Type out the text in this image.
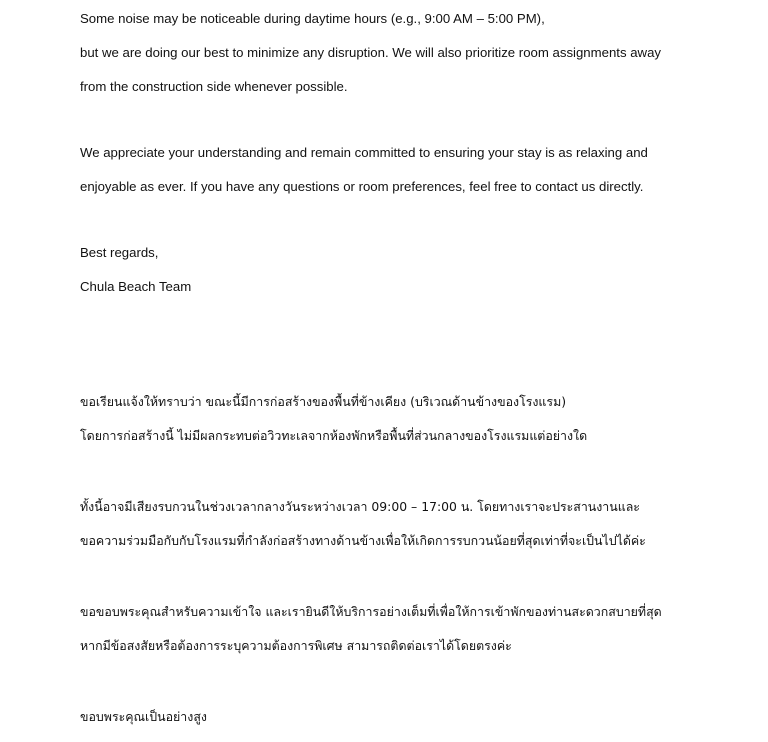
Some noise may be noticeable during daytime hours (e.g., 9:00 AM – 5:00 PM),

but we are doing our best to minimize any disruption. We will also prioritize room assignments away

from the construction side whenever possible.

We appreciate your understanding and remain committed to ensuring your stay is as relaxing and

enjoyable as ever. If you have any questions or room preferences, feel free to contact us directly.

Best regards,

Chula Beach Team

ขอเรียนแจ้งให้ทราบว่า ขณะนี้มีการก่อสร้างของพื้นที่ข้างเคียง (บริเวณด้านข้างของโรงแรม)

โดยการก่อสร้างนี้ ไม่มีผลกระทบต่อวิวทะเลจากห้องพักหรือพื้นที่ส่วนกลางของโรงแรมแต่อย่างใด

ทั้งนี้อาจมีเสียงรบกวนในช่วงเวลากลางวันระหว่างเวลา 09:00 – 17:00 น. โดยทางเราจะประสานงานและ

ขอความร่วมมือกับกับโรงแรมที่กำลังก่อสร้างทางด้านข้างเพื่อให้เกิดการรบกวนน้อยที่สุดเท่าที่จะเป็นไปได้ค่ะ

ขอขอบพระคุณสำหรับความเข้าใจ และเรายินดีให้บริการอย่างเต็มที่เพื่อให้การเข้าพักของท่านสะดวกสบายที่สุด

หากมีข้อสงสัยหรือต้องการระบุความต้องการพิเศษ สามารถติดต่อเราได้โดยตรงค่ะ

ขอบพระคุณเป็นอย่างสูง
